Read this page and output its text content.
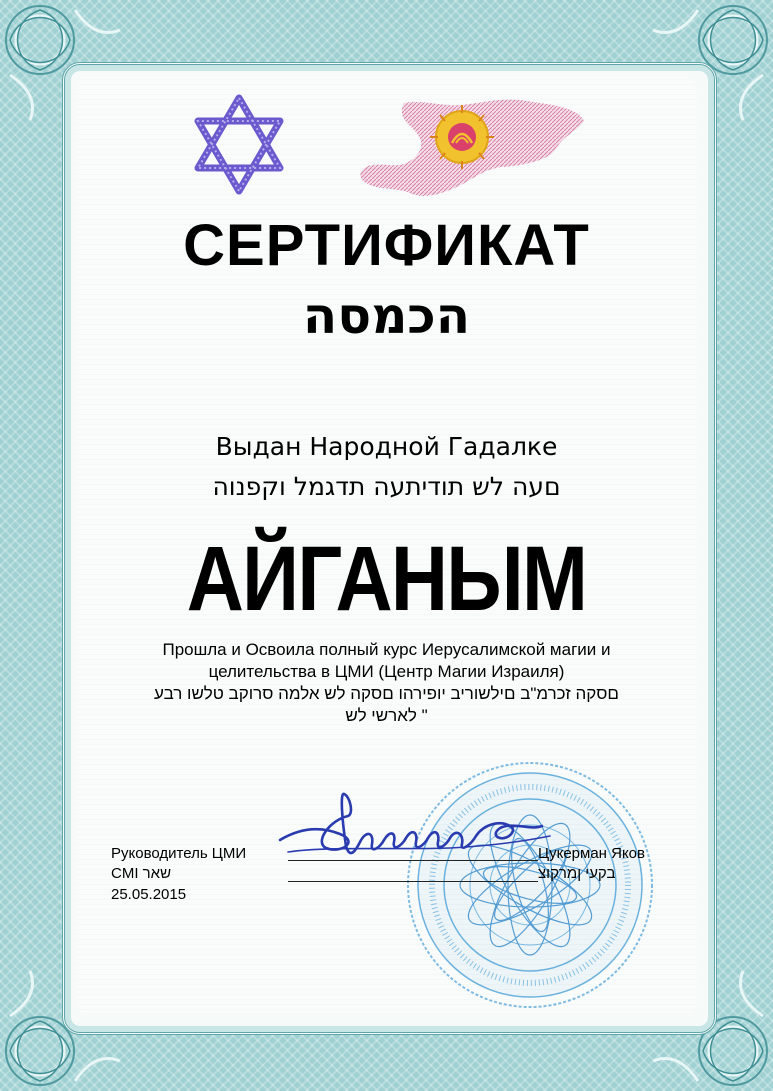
СЕРТИФИКАТ
הכמסה
Выдан Народной Гадалке
םעה לש תודיתעה תדגמל וקפנוה
АЙГАНЫМ
Прошла и Освоила полный курс Иерусалимской магии и
целительства в ЦМИ (Центр Магии Израиля)
םסקה זכרמ"ב םילשוריב יופירהו םסקה לש אלמה סרוקב טלשו רבע
" לארשי לש
Руководитель ЦМИ
שאר CMI
25.05.2015
Цукерман Яков
בקעי ןמרקוצ
